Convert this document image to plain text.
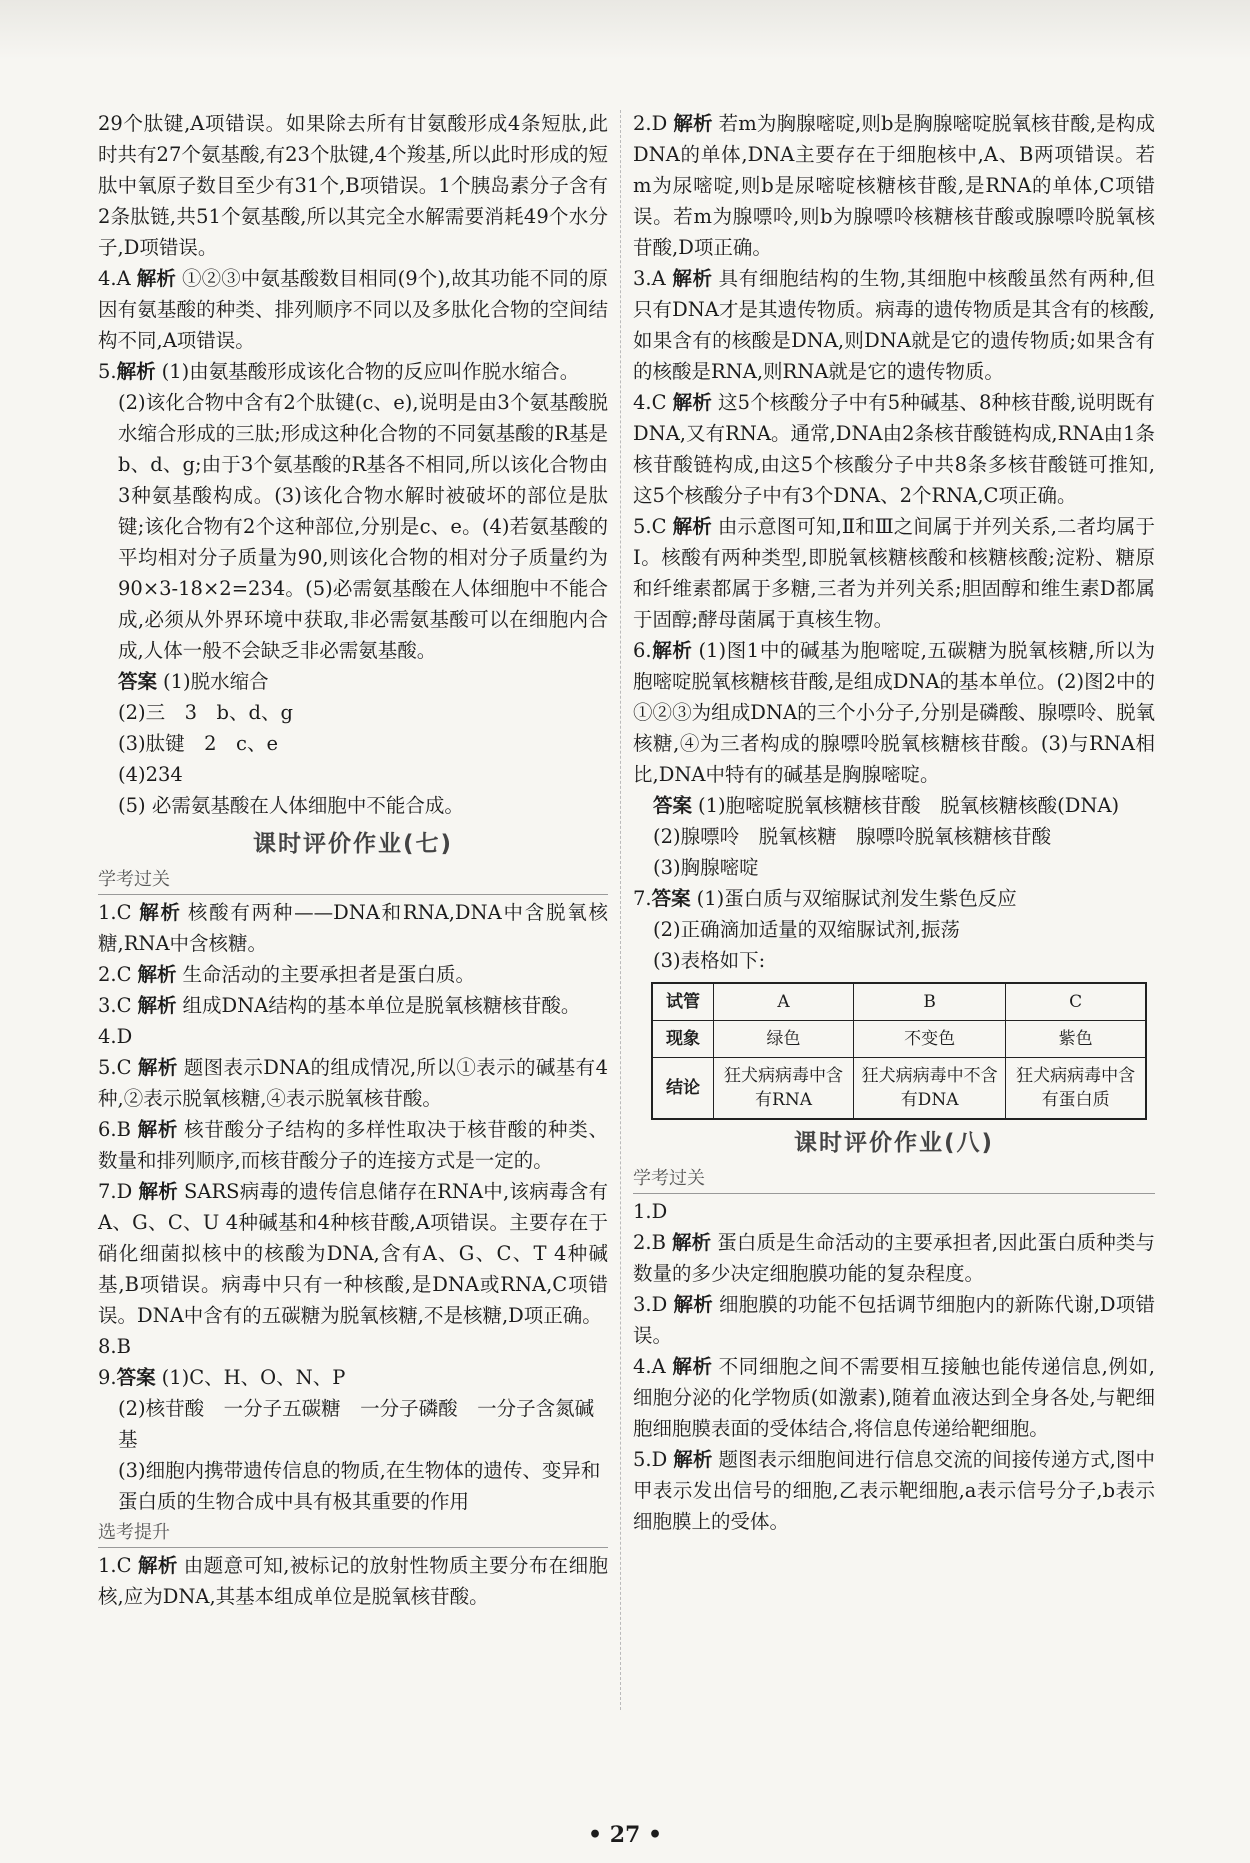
29个肽键,A项错误。如果除去所有甘氨酸形成4条短肽,此时共有27个氨基酸,有23个肽键,4个羧基,所以此时形成的短肽中氧原子数目至少有31个,B项错误。1个胰岛素分子含有2条肽链,共51个氨基酸,所以其完全水解需要消耗49个水分子,D项错误。

4.A 解析 ①②③中氨基酸数目相同(9个),故其功能不同的原因有氨基酸的种类、排列顺序不同以及多肽化合物的空间结构不同,A项错误。

5.解析 (1)由氨基酸形成该化合物的反应叫作脱水缩合。

(2)该化合物中含有2个肽键(c、e),说明是由3个氨基酸脱水缩合形成的三肽;形成这种化合物的不同氨基酸的R基是b、d、g;由于3个氨基酸的R基各不相同,所以该化合物由3种氨基酸构成。(3)该化合物水解时被破坏的部位是肽键;该化合物有2个这种部位,分别是c、e。(4)若氨基酸的平均相对分子质量为90,则该化合物的相对分子质量约为90×3-18×2=234。(5)必需氨基酸在人体细胞中不能合成,必须从外界环境中获取,非必需氨基酸可以在细胞内合成,人体一般不会缺乏非必需氨基酸。

答案 (1)脱水缩合

(2)三　3　b、d、g

(3)肽键　2　c、e

(4)234

(5) 必需氨基酸在人体细胞中不能合成。

课时评价作业(七)
学考过关

1.C 解析 核酸有两种——DNA和RNA,DNA中含脱氧核糖,RNA中含核糖。

2.C 解析 生命活动的主要承担者是蛋白质。

3.C 解析 组成DNA结构的基本单位是脱氧核糖核苷酸。

4.D

5.C 解析 题图表示DNA的组成情况,所以①表示的碱基有4种,②表示脱氧核糖,④表示脱氧核苷酸。

6.B 解析 核苷酸分子结构的多样性取决于核苷酸的种类、数量和排列顺序,而核苷酸分子的连接方式是一定的。

7.D 解析 SARS病毒的遗传信息储存在RNA中,该病毒含有A、G、C、U 4种碱基和4种核苷酸,A项错误。主要存在于硝化细菌拟核中的核酸为DNA,含有A、G、C、T 4种碱基,B项错误。病毒中只有一种核酸,是DNA或RNA,C项错误。DNA中含有的五碳糖为脱氧核糖,不是核糖,D项正确。

8.B

9.答案 (1)C、H、O、N、P

(2)核苷酸　一分子五碳糖　一分子磷酸　一分子含氮碱基

(3)细胞内携带遗传信息的物质,在生物体的遗传、变异和蛋白质的生物合成中具有极其重要的作用

选考提升

1.C 解析 由题意可知,被标记的放射性物质主要分布在细胞核,应为DNA,其基本组成单位是脱氧核苷酸。

2.D 解析 若m为胸腺嘧啶,则b是胸腺嘧啶脱氧核苷酸,是构成DNA的单体,DNA主要存在于细胞核中,A、B两项错误。若m为尿嘧啶,则b是尿嘧啶核糖核苷酸,是RNA的单体,C项错误。若m为腺嘌呤,则b为腺嘌呤核糖核苷酸或腺嘌呤脱氧核苷酸,D项正确。

3.A 解析 具有细胞结构的生物,其细胞中核酸虽然有两种,但只有DNA才是其遗传物质。病毒的遗传物质是其含有的核酸,如果含有的核酸是DNA,则DNA就是它的遗传物质;如果含有的核酸是RNA,则RNA就是它的遗传物质。

4.C 解析 这5个核酸分子中有5种碱基、8种核苷酸,说明既有DNA,又有RNA。通常,DNA由2条核苷酸链构成,RNA由1条核苷酸链构成,由这5个核酸分子中共8条多核苷酸链可推知,这5个核酸分子中有3个DNA、2个RNA,C项正确。

5.C 解析 由示意图可知,Ⅱ和Ⅲ之间属于并列关系,二者均属于Ⅰ。核酸有两种类型,即脱氧核糖核酸和核糖核酸;淀粉、糖原和纤维素都属于多糖,三者为并列关系;胆固醇和维生素D都属于固醇;酵母菌属于真核生物。

6.解析 (1)图1中的碱基为胞嘧啶,五碳糖为脱氧核糖,所以为胞嘧啶脱氧核糖核苷酸,是组成DNA的基本单位。(2)图2中的①②③为组成DNA的三个小分子,分别是磷酸、腺嘌呤、脱氧核糖,④为三者构成的腺嘌呤脱氧核糖核苷酸。(3)与RNA相比,DNA中特有的碱基是胸腺嘧啶。

答案 (1)胞嘧啶脱氧核糖核苷酸　脱氧核糖核酸(DNA)

(2)腺嘌呤　脱氧核糖　腺嘌呤脱氧核糖核苷酸

(3)胸腺嘧啶

7.答案 (1)蛋白质与双缩脲试剂发生紫色反应

(2)正确滴加适量的双缩脲试剂,振荡

(3)表格如下:

试管	A	B	C
现象	绿色	不变色	紫色
结论	狂犬病病毒中含有RNA	狂犬病病毒中不含有DNA	狂犬病病毒中含有蛋白质
课时评价作业(八)
学考过关

1.D

2.B 解析 蛋白质是生命活动的主要承担者,因此蛋白质种类与数量的多少决定细胞膜功能的复杂程度。

3.D 解析 细胞膜的功能不包括调节细胞内的新陈代谢,D项错误。

4.A 解析 不同细胞之间不需要相互接触也能传递信息,例如,细胞分泌的化学物质(如激素),随着血液达到全身各处,与靶细胞细胞膜表面的受体结合,将信息传递给靶细胞。

5.D 解析 题图表示细胞间进行信息交流的间接传递方式,图中甲表示发出信号的细胞,乙表示靶细胞,a表示信号分子,b表示细胞膜上的受体。

• 27 •
